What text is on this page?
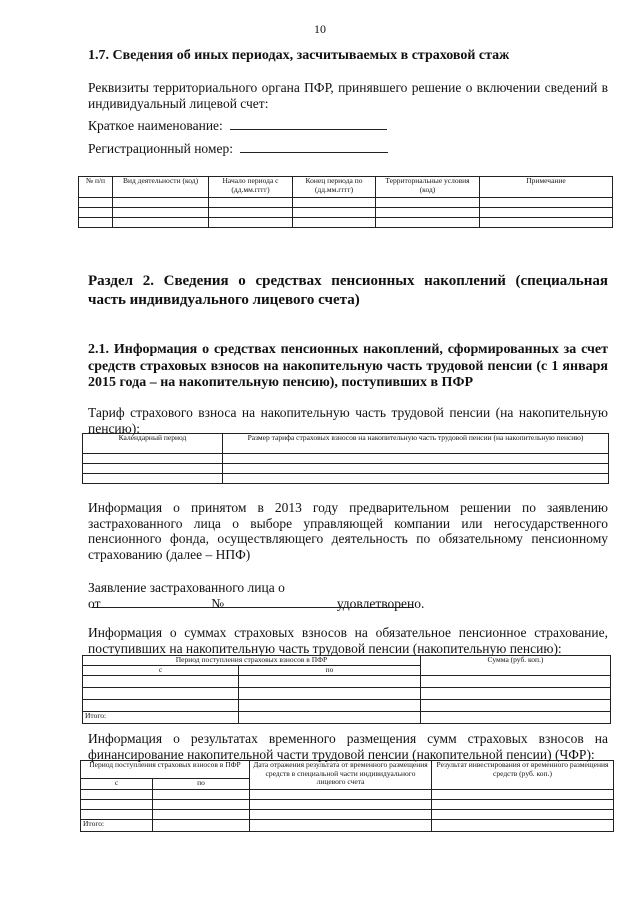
10
1.7. Сведения об иных периодах, засчитываемых в страховой стаж
Реквизиты территориального органа ПФР, принявшего решение о включении сведений в индивидуальный лицевой счет:
Краткое наименование:
Регистрационный номер:
№ п/п	Вид деятельности (код)	Начало периода с (дд.мм.гггг)	Конец периода по (дд.мм.гггг)	Территориальные условия (код)	Примечание

Раздел 2. Сведения о средствах пенсионных накоплений (специальная часть индивидуального лицевого счета)
2.1. Информация о средствах пенсионных накоплений, сформированных за счет средств страховых взносов на накопительную часть трудовой пенсии (с 1 января 2015 года – на накопительную пенсию), поступивших в ПФР
Тариф страхового взноса на накопительную часть трудовой пенсии (на накопительную пенсию):
Календарный период	Размер тарифа страховых взносов на накопительную часть трудовой пенсии (на накопительную пенсию)

Информация о принятом в 2013 году предварительном решении по заявлению застрахованного лица о выборе управляющей компании или негосударственного пенсионного фонда, осуществляющего деятельность по обязательному пенсионному страхованию (далее – НПФ)
Заявление застрахованного лица о
от	№	удовлетворено.
Информация о суммах страховых взносов на обязательное пенсионное страхование, поступивших на накопительную часть трудовой пенсии (накопительную пенсию):
Период поступления страховых взносов в ПФР		Сумма (руб. коп.)
с	по	

Итого:		
Информация о результатах временного размещения сумм страховых взносов на финансирование накопительной части трудовой пенсии (накопительной пенсии) (ЧФР):
Период поступления страховых взносов в ПФР		Дата отражения результата от временного размещения средств в специальной части индивидуального лицевого счета	Результат инвестирования от временного размещения средств (руб. коп.)
с	по		

Итого:			
